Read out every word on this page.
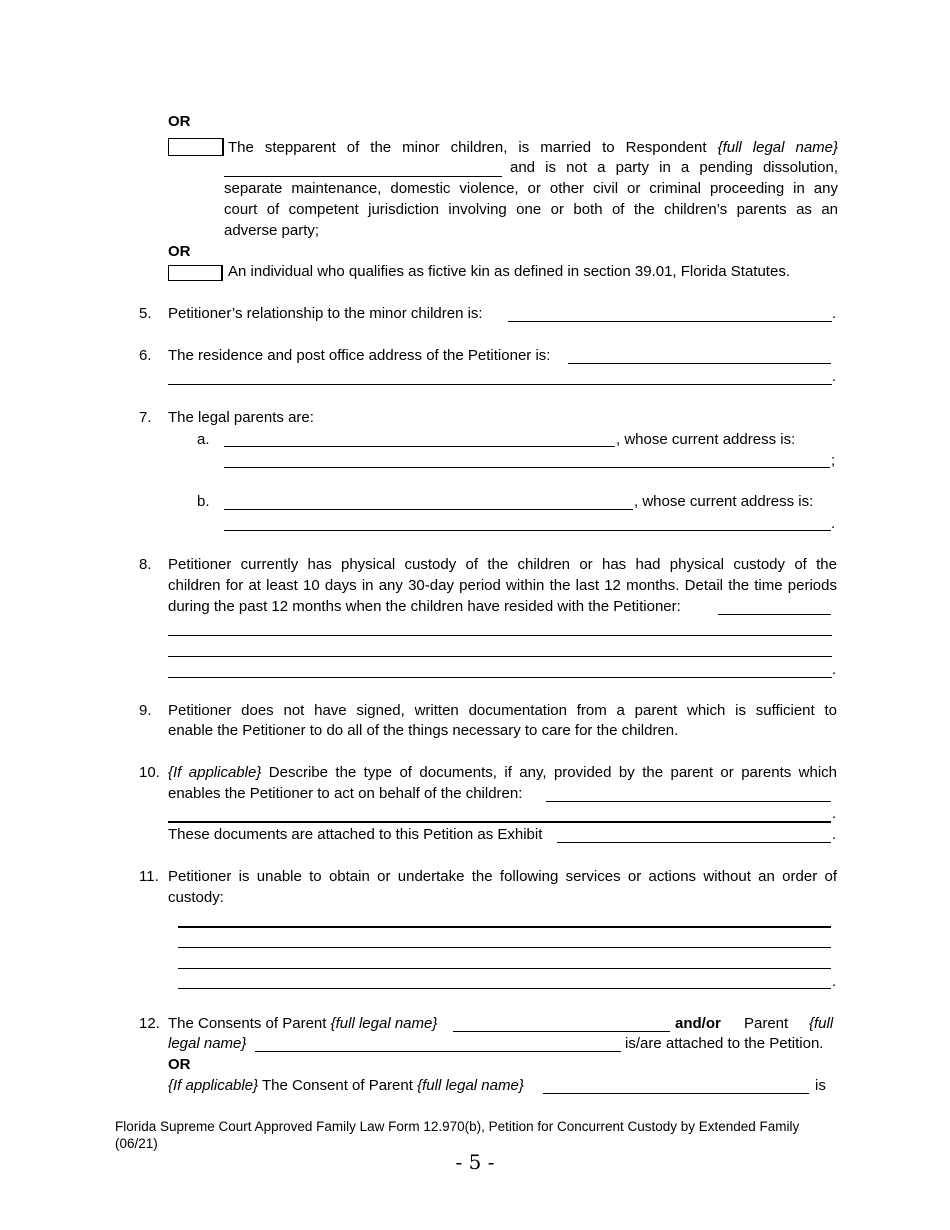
OR
The stepparent of the minor children, is married to Respondent {full legal name}
and is not a party in a pending dissolution,
separate maintenance, domestic violence, or other civil or criminal proceeding in any
court of competent jurisdiction involving one or both of the children’s parents as an
adverse party;
OR
An individual who qualifies as fictive kin as defined in section 39.01, Florida Statutes.
5. Petitioner’s relationship to the minor children is:	.
6. The residence and post office address of the Petitioner is:
.
7. The legal parents are:
a.	, whose current address is:
;
b.	, whose current address is:
.
8. Petitioner currently has physical custody of the children or has had physical custody of the
children for at least 10 days in any 30-day period within the last 12 months. Detail the time periods
during the past 12 months when the children have resided with the Petitioner:
.
9. Petitioner does not have signed, written documentation from a parent which is sufficient to
enable the Petitioner to do all of the things necessary to care for the children.
10. {If applicable} Describe the type of documents, if any, provided by the parent or parents which
enables the Petitioner to act on behalf of the children:
.
These documents are attached to this Petition as Exhibit	.
11. Petitioner is unable to obtain or undertake the following services or actions without an order of
custody:
.
12. The Consents of Parent {full legal name}	and/or Parent {full
legal name}	is/are attached to the Petition.
OR
{If applicable} The Consent of Parent {full legal name}	is
Florida Supreme Court Approved Family Law Form 12.970(b), Petition for Concurrent Custody by Extended Family
(06/21)
- 5 -
